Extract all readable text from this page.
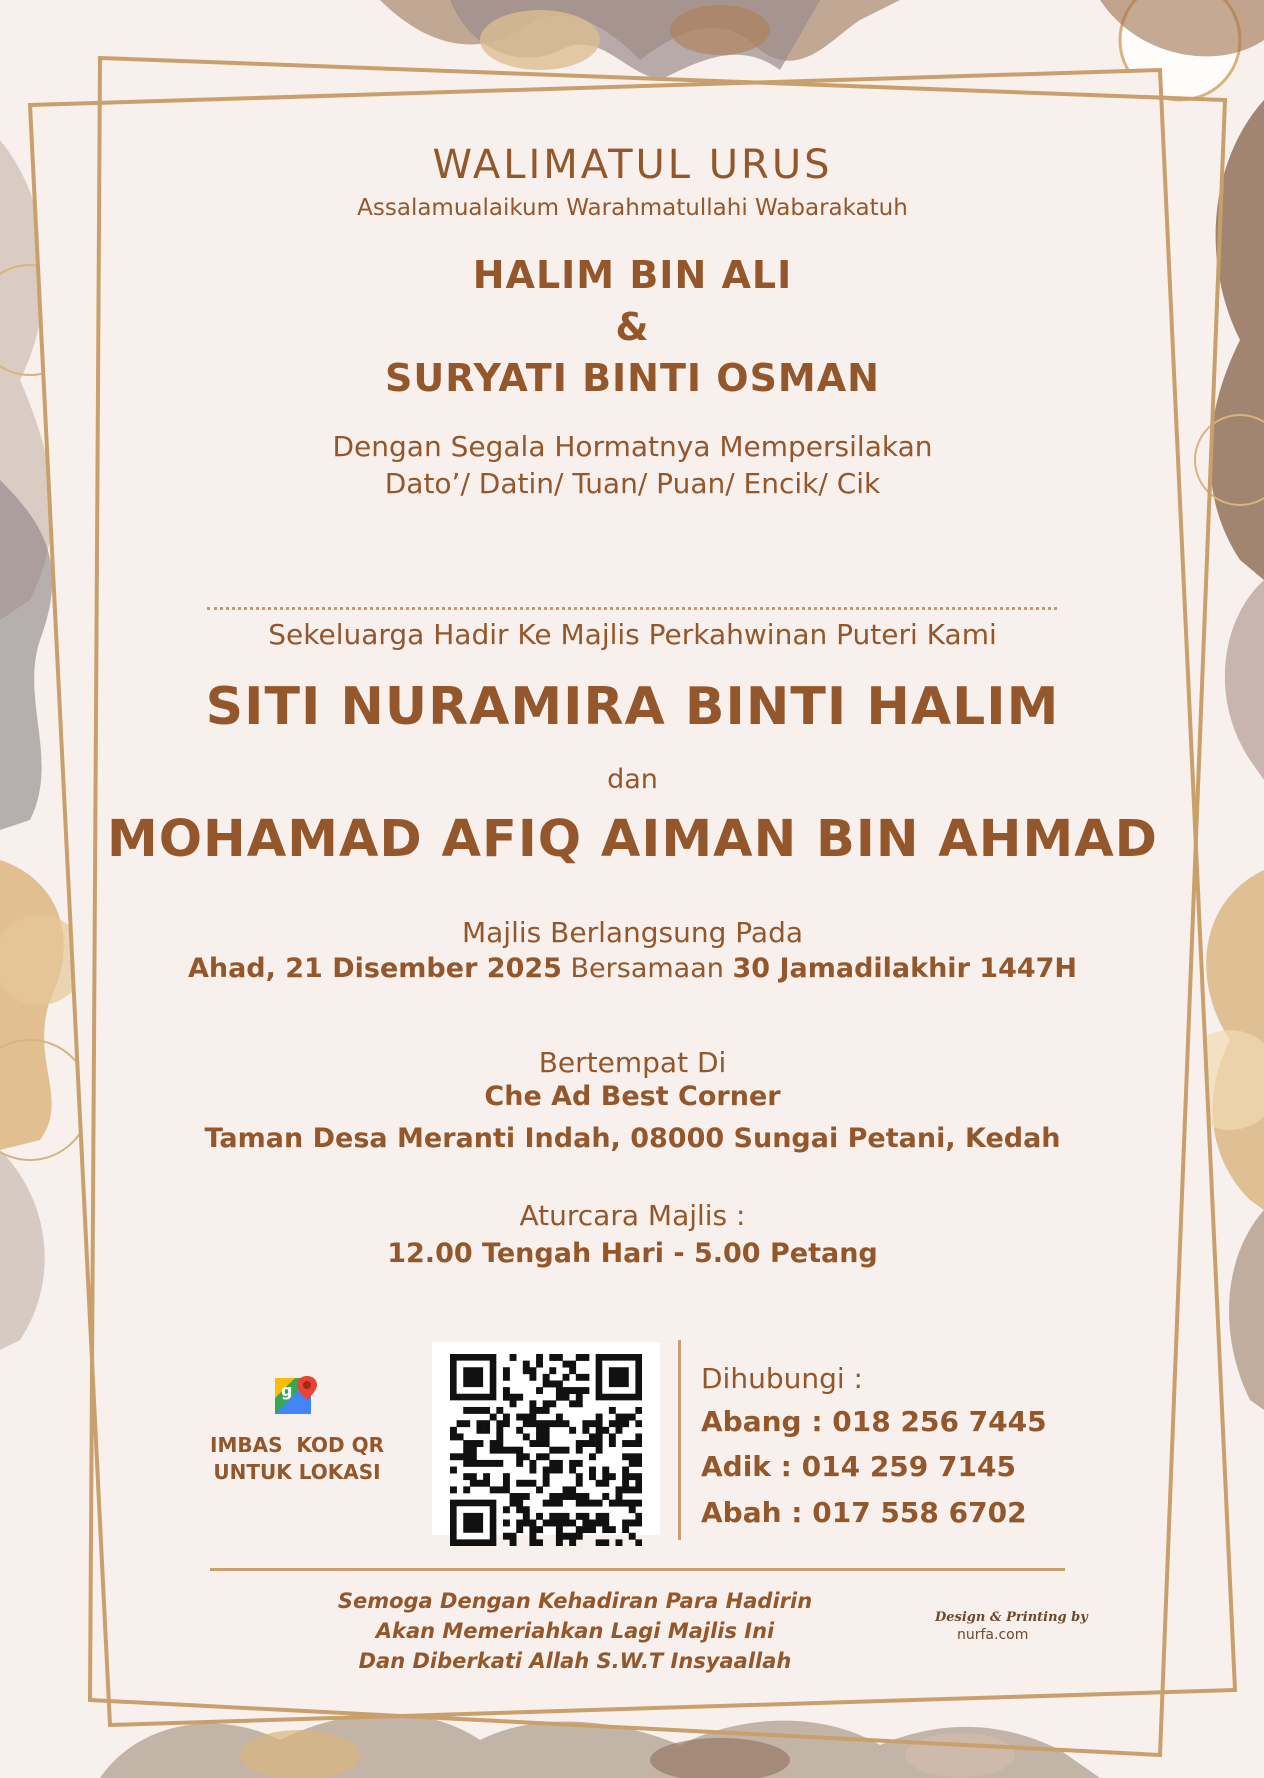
WALIMATUL URUS
Assalamualaikum Warahmatullahi Wabarakatuh
HALIM BIN ALI
&
SURYATI BINTI OSMAN
Dengan Segala Hormatnya Mempersilakan
Dato’/ Datin/ Tuan/ Puan/ Encik/ Cik
Sekeluarga Hadir Ke Majlis Perkahwinan Puteri Kami
SITI NURAMIRA BINTI HALIM
dan
MOHAMAD AFIQ AIMAN BIN AHMAD
Majlis Berlangsung Pada
Ahad, 21 Disember 2025 Bersamaan 30 Jamadilakhir 1447H
Bertempat Di
Che Ad Best Corner
Taman Desa Meranti Indah, 08000 Sungai Petani, Kedah
Aturcara Majlis :
12.00 Tengah Hari - 5.00 Petang
g
IMBAS  KOD QR
UNTUK LOKASI
Dihubungi :
Abang : 018 256 7445
Adik : 014 259 7145
Abah : 017 558 6702
Semoga Dengan Kehadiran Para Hadirin
Akan Memeriahkan Lagi Majlis Ini
Dan Diberkati Allah S.W.T Insyaallah
Design & Printing by
nurfa.com
